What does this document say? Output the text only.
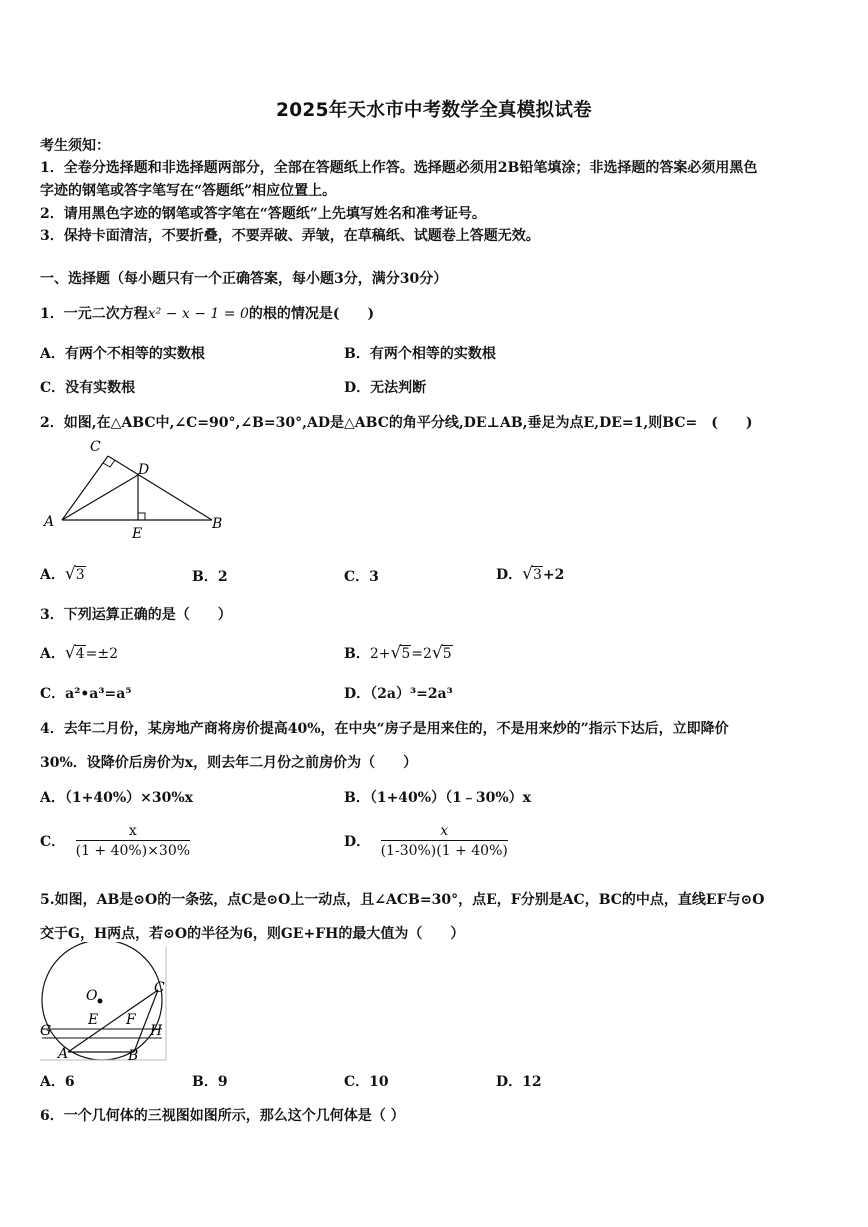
2025年天水市中考数学全真模拟试卷
考生须知：
1．全卷分选择题和非选择题两部分，全部在答题纸上作答。选择题必须用2B铅笔填涂；非选择题的答案必须用黑色
字迹的钢笔或答字笔写在“答题纸”相应位置上。
2．请用黑色字迹的钢笔或答字笔在“答题纸”上先填写姓名和准考证号。
3．保持卡面清洁，不要折叠，不要弄破、弄皱，在草稿纸、试题卷上答题无效。
一、选择题（每小题只有一个正确答案，每小题3分，满分30分）
1．一元二次方程x² − x − 1 = 0的根的情况是(　　)
A．有两个不相等的实数根	B．有两个相等的实数根
C．没有实数根	D．无法判断
2．如图,在△ABC中,∠C=90°,∠B=30°,AD是△ABC的角平分线,DE⊥AB,垂足为点E,DE=1,则BC=　(　　)
C
D
A
E
B
A．√3	B．2	C．3	D．√3+2
3．下列运算正确的是（　　）
A．√4=±2	B．2+√5=2√5
C．a²•a³=a⁵	D．（2a）³=2a³
4．去年二月份，某房地产商将房价提高40%，在中央“房子是用来住的，不是用来炒的”指示下达后，立即降价
30%．设降价后房价为x，则去年二月份之前房价为（　　）
A．（1+40%）×30%x	B．（1+40%）（1﹣30%）x
C． $\frac{x}{(1 + 40\%)\times 30\%}$	D． $\frac{x}{(1-30\%)(1 + 40\%)}$
5.如图，AB是⊙O的一条弦，点C是⊙O上一动点，且∠ACB=30°，点E，F分别是AC，BC的中点，直线EF与⊙O
交于G，H两点，若⊙O的半径为6，则GE+FH的最大值为（　　）
O	C
E F
G	H
A	B
A．6	B．9	C．10	D．12
6．一个几何体的三视图如图所示，那么这个几何体是（ ）
